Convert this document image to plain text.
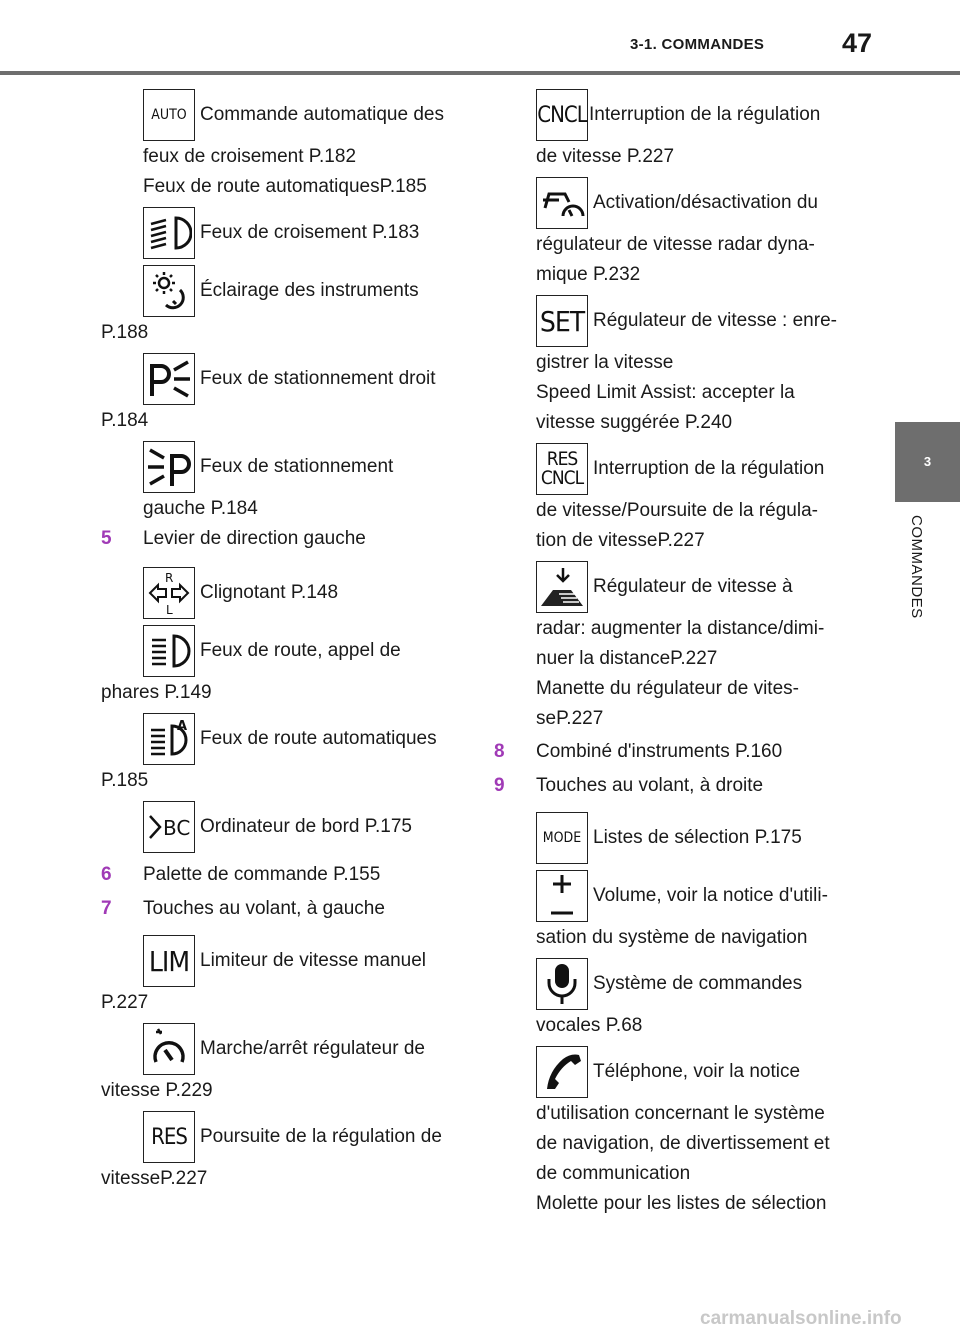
3-1. COMMANDES	47
3
COMMANDES
AUTO Commande automatique des
feux de croisement P.182
Feux de route automatiquesP.185
Feux de croisement P.183
Éclairage des instruments
P.188
Feux de stationnement droit
P.184
Feux de stationnement
gauche P.184
5	Levier de direction gauche
R
L
Clignotant P.148
Feux de route, appel de
phares P.149
A
Feux de route automatiques
P.185
BC Ordinateur de bord P.175
6	Palette de commande P.155
7	Touches au volant, à gauche
LIM Limiteur de vitesse manuel
P.227
Marche/arrêt régulateur de
vitesse P.229
RES Poursuite de la régulation de
vitesseP.227
CNCL Interruption de la régulation
de vitesse P.227
Activation/désactivation du
régulateur de vitesse radar dyna-
mique P.232
SET Régulateur de vitesse : enre-
gistrer la vitesse
Speed Limit Assist: accepter la
vitesse suggérée P.240
RES
CNCL Interruption de la régulation
de vitesse/Poursuite de la régula-
tion de vitesseP.227
Régulateur de vitesse à
radar: augmenter la distance/dimi-
nuer la distanceP.227
Manette du régulateur de vites-
seP.227
8	Combiné d'instruments P.160
9	Touches au volant, à droite
MODE Listes de sélection P.175
Volume, voir la notice d'utili-
sation du système de navigation
Système de commandes
vocales P.68
Téléphone, voir la notice
d'utilisation concernant le système
de navigation, de divertissement et
de communication
Molette pour les listes de sélection
carmanualsonline.info
